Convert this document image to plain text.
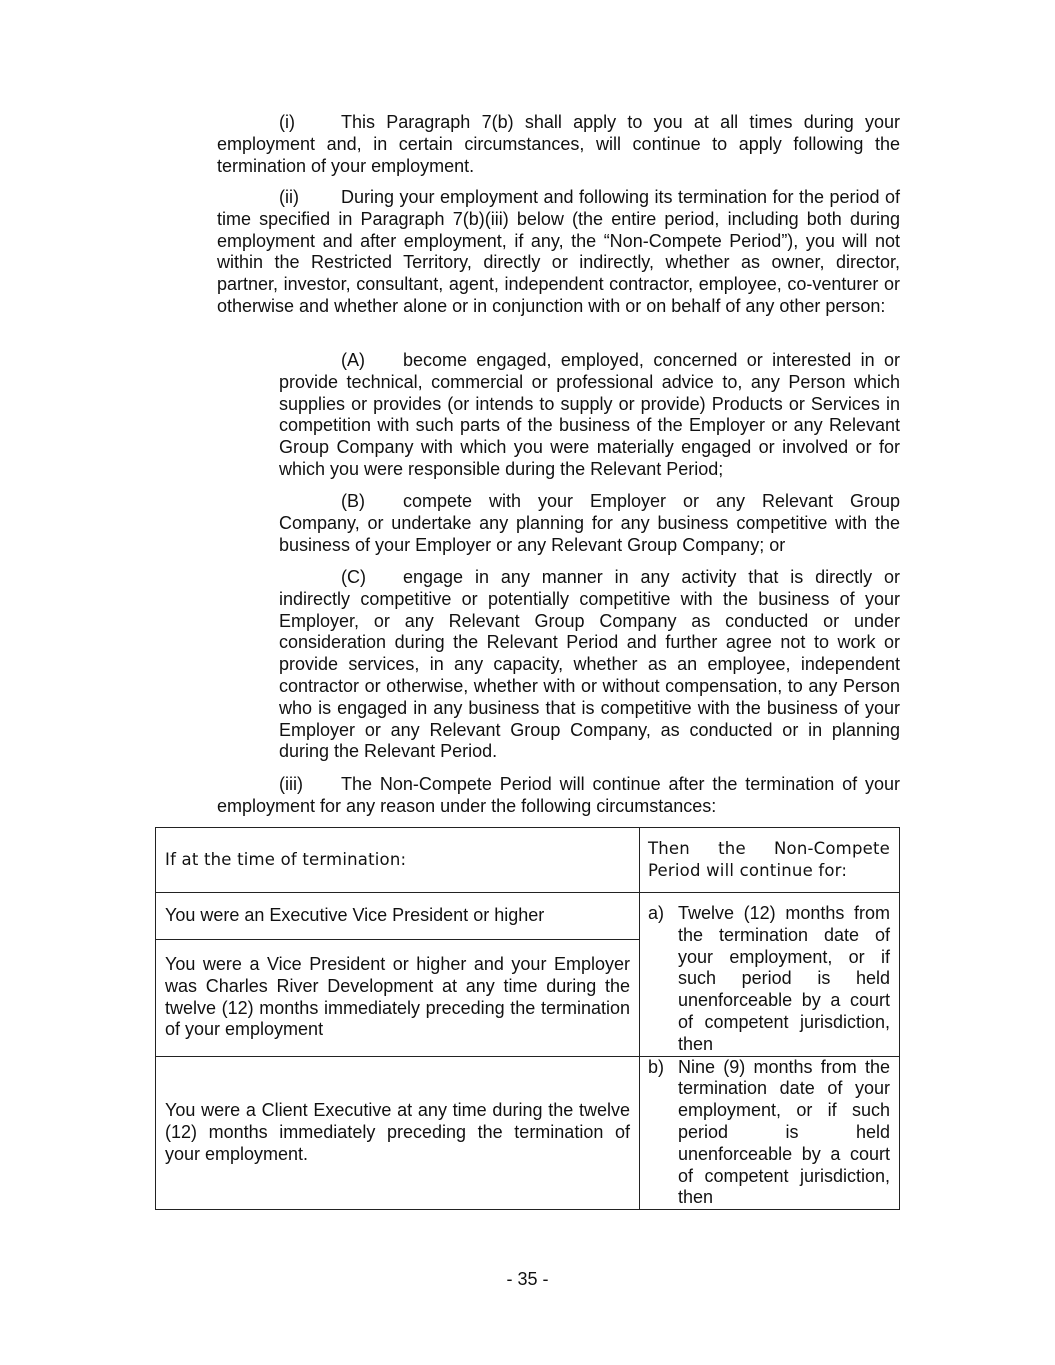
(i)	This Paragraph 7(b) shall apply to you at all times during your employment and, in certain circumstances, will continue to apply following the termination of your employment.

(ii) During your employment and following its termination for the period of time specified in Paragraph 7(b)(iii) below (the entire period, including both during employment and after employment, if any, the “Non-Compete Period”), you will not within the Restricted Territory, directly or indirectly, whether as owner, director, partner, investor, consultant, agent, independent contractor, employee, co-venturer or otherwise and whether alone or in conjunction with or on behalf of any other person:

(A) become engaged, employed, concerned or interested in or provide technical, commercial or professional advice to, any Person which supplies or provides (or intends to supply or provide) Products or Services in competition with such parts of the business of the Employer or any Relevant Group Company with which you were materially engaged or involved or for which you were responsible during the Relevant Period;

(B) compete with your Employer or any Relevant Group Company, or undertake any planning for any business competitive with the business of your Employer or any Relevant Group Company; or

(C) engage in any manner in any activity that is directly or indirectly competitive or potentially competitive with the business of your Employer, or any Relevant Group Company as conducted or under consideration during the Relevant Period and further agree not to work or provide services, in any capacity, whether as an employee, independent contractor or otherwise, whether with or without compensation, to any Person who is engaged in any business that is competitive with the business of your Employer or any Relevant Group Company, as conducted or in planning during the Relevant Period.

(iii) The Non-Compete Period will continue after the termination of your employment for any reason under the following circumstances:

If at the time of termination:	Then the Non-Compete Period will continue for:
You were an Executive Vice President or higher	a) Twelve (12) months from the termination date of your employment, or if such period is held unenforceable by a court of competent jurisdiction, then

You were a Vice President or higher and your Employer was Charles River Development at any time during the twelve (12) months immediately preceding the termination of your employment	
You were a Client Executive at any time during the twelve (12) months immediately preceding the termination of your employment.	b) Nine (9) months from the termination date of your employment, or if such period is held unenforceable by a court of competent jurisdiction, then
- 35 -
